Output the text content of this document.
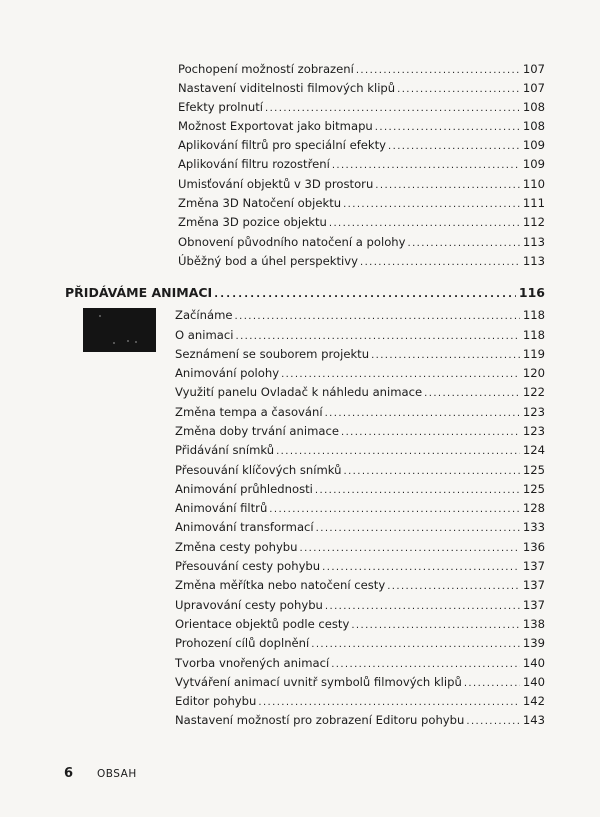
Pochopení možností zobrazení .....	107
Nastavení viditelnosti filmových klipů .....	107
Efekty prolnutí .....	108
Možnost Exportovat jako bitmapu .....	108
Aplikování filtrů pro speciální efekty .....	109
Aplikování filtru rozostření .....	109
Umisťování objektů v 3D prostoru .....	110
Změna 3D Natočení objektu .....	111
Změna 3D pozice objektu .....	112
Obnovení původního natočení a polohy .....	113
Úběžný bod a úhel perspektivy .....	113
PŘIDÁVÁME ANIMACI .....	116
Začínáme .....	118
O animaci .....	118
Seznámení se souborem projektu .....	119
Animování polohy .....	120
Využití panelu Ovladač k náhledu animace .....	122
Změna tempa a časování .....	123
Změna doby trvání animace .....	123
Přidávání snímků .....	124
Přesouvání klíčových snímků .....	125
Animování průhlednosti .....	125
Animování filtrů .....	128
Animování transformací .....	133
Změna cesty pohybu .....	136
Přesouvání cesty pohybu .....	137
Změna měřítka nebo natočení cesty .....	137
Upravování cesty pohybu .....	137
Orientace objektů podle cesty .....	138
Prohození cílů doplnění .....	139
Tvorba vnořených animací .....	140
Vytváření animací uvnitř symbolů filmových klipů .....	140
Editor pohybu .....	142
Nastavení možností pro zobrazení Editoru pohybu .....	143
6 OBSAH
